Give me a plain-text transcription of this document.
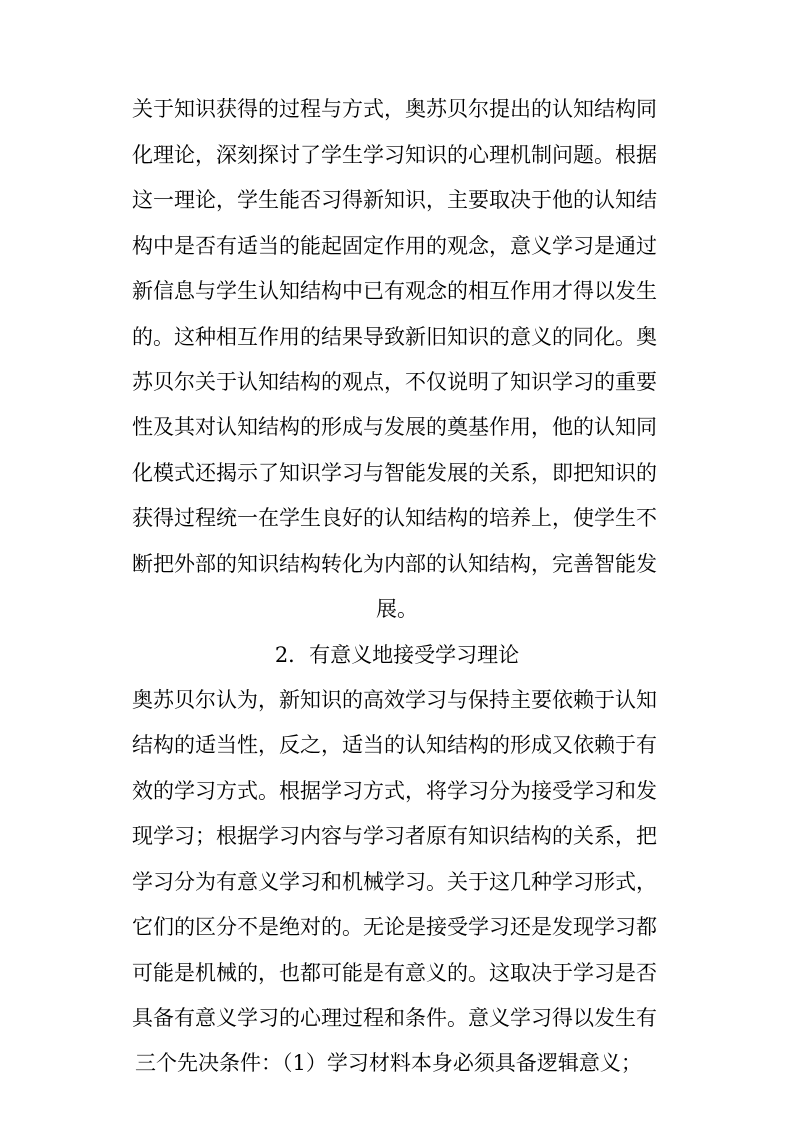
关于知识获得的过程与方式，奥苏贝尔提出的认知结构同
化理论，深刻探讨了学生学习知识的心理机制问题。根据
这一理论，学生能否习得新知识，主要取决于他的认知结
构中是否有适当的能起固定作用的观念，意义学习是通过
新信息与学生认知结构中已有观念的相互作用才得以发生
的。这种相互作用的结果导致新旧知识的意义的同化。奥
苏贝尔关于认知结构的观点，不仅说明了知识学习的重要
性及其对认知结构的形成与发展的奠基作用，他的认知同
化模式还揭示了知识学习与智能发展的关系，即把知识的
获得过程统一在学生良好的认知结构的培养上，使学生不
断把外部的知识结构转化为内部的认知结构，完善智能发
展。
2．有意义地接受学习理论
奥苏贝尔认为，新知识的高效学习与保持主要依赖于认知
结构的适当性，反之，适当的认知结构的形成又依赖于有
效的学习方式。根据学习方式，将学习分为接受学习和发
现学习；根据学习内容与学习者原有知识结构的关系，把
学习分为有意义学习和机械学习。关于这几种学习形式，
它们的区分不是绝对的。无论是接受学习还是发现学习都
可能是机械的，也都可能是有意义的。这取决于学习是否
具备有意义学习的心理过程和条件。意义学习得以发生有
三个先决条件：（1）学习材料本身必须具备逻辑意义；
